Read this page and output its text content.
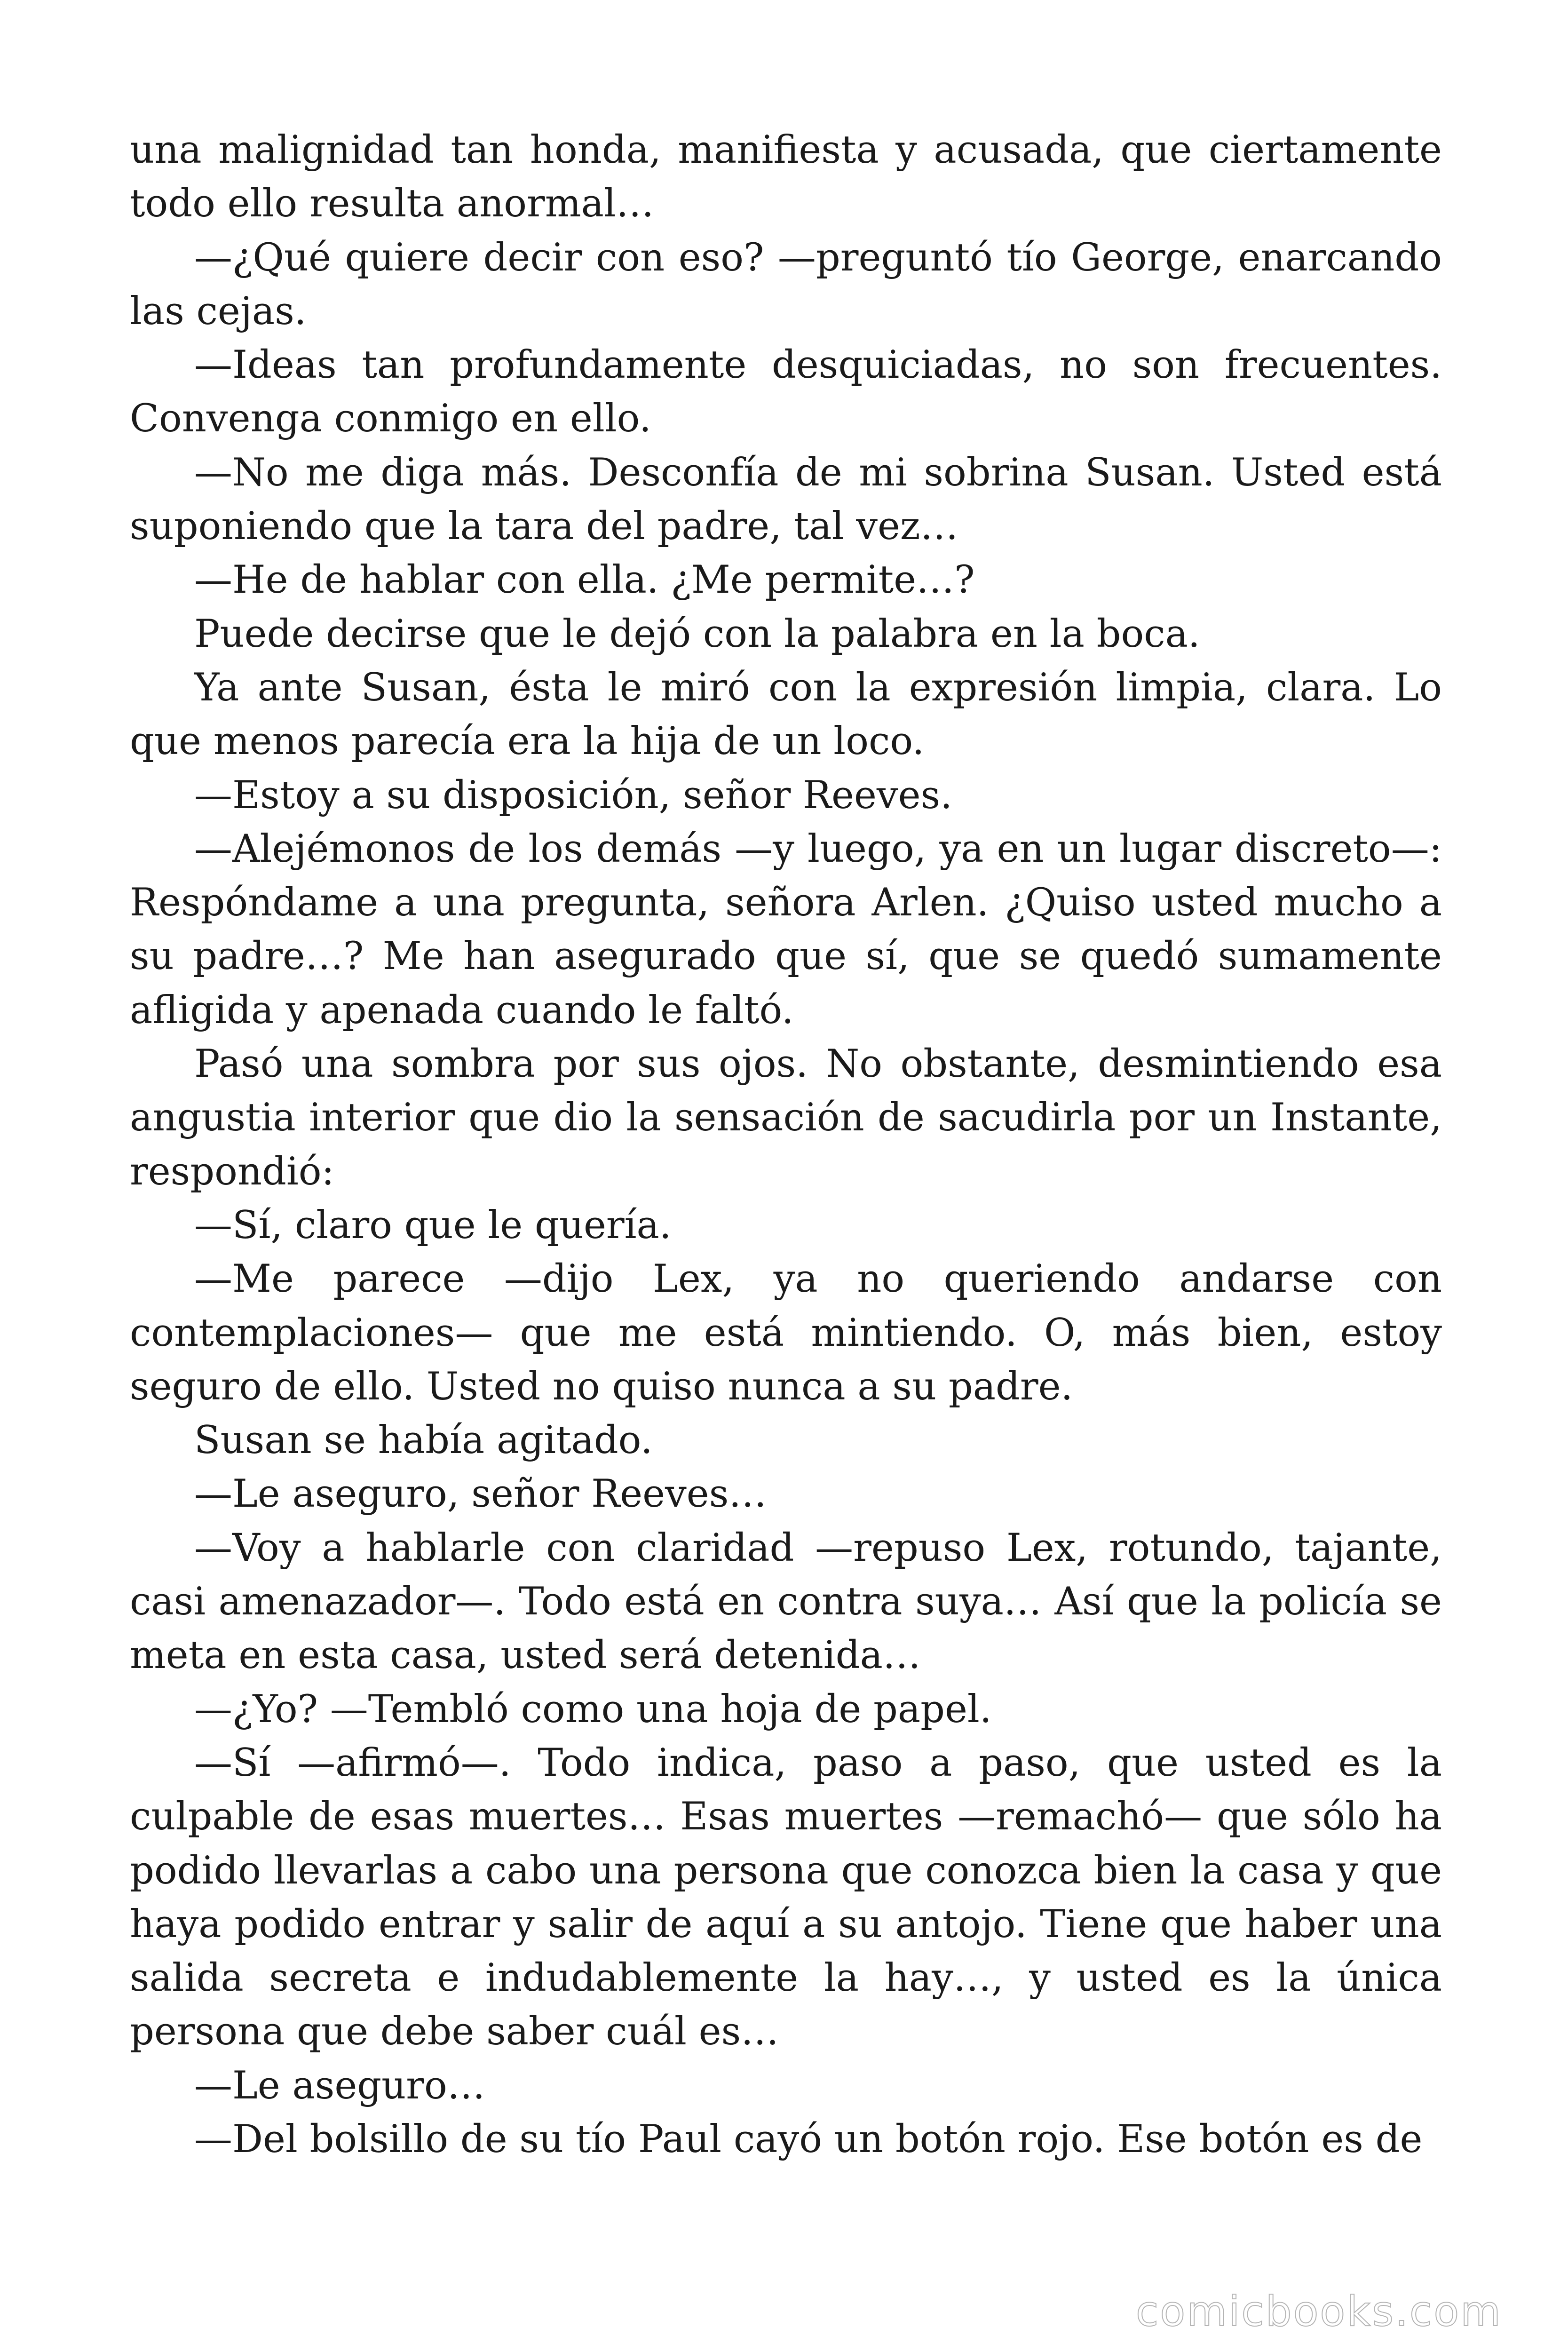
una malignidad tan honda, manifiesta y acusada, que ciertamente todo ello resulta anormal…

—¿Qué quiere decir con eso? —preguntó tío George, enarcando las cejas.

—Ideas tan profundamente desquiciadas, no son frecuentes. Convenga conmigo en ello.

—No me diga más. Desconfía de mi sobrina Susan. Usted está suponiendo que la tara del padre, tal vez…

—He de hablar con ella. ¿Me permite…?

Puede decirse que le dejó con la palabra en la boca.

Ya ante Susan, ésta le miró con la expresión limpia, clara. Lo que menos parecía era la hija de un loco.

—Estoy a su disposición, señor Reeves.

—Alejémonos de los demás —y luego, ya en un lugar discreto—: Respóndame a una pregunta, señora Arlen. ¿Quiso usted mucho a su padre…? Me han asegurado que sí, que se quedó sumamente afligida y apenada cuando le faltó.

Pasó una sombra por sus ojos. No obstante, desmintiendo esa angustia interior que dio la sensación de sacudirla por un Instante, respondió:

—Sí, claro que le quería.

—Me parece —dijo Lex, ya no queriendo andarse con contemplaciones— que me está mintiendo. O, más bien, estoy seguro de ello. Usted no quiso nunca a su padre.

Susan se había agitado.

—Le aseguro, señor Reeves…

—Voy a hablarle con claridad —repuso Lex, rotundo, tajante, casi amenazador—. Todo está en contra suya… Así que la policía se meta en esta casa, usted será detenida…

—¿Yo? —Tembló como una hoja de papel.

—Sí —afirmó—. Todo indica, paso a paso, que usted es la culpable de esas muertes… Esas muertes —remachó— que sólo ha podido llevarlas a cabo una persona que conozca bien la casa y que haya podido entrar y salir de aquí a su antojo. Tiene que haber una salida secreta e indudablemente la hay…, y usted es la única persona que debe saber cuál es…

—Le aseguro…

—Del bolsillo de su tío Paul cayó un botón rojo. Ese botón es de

comicbooks.com
